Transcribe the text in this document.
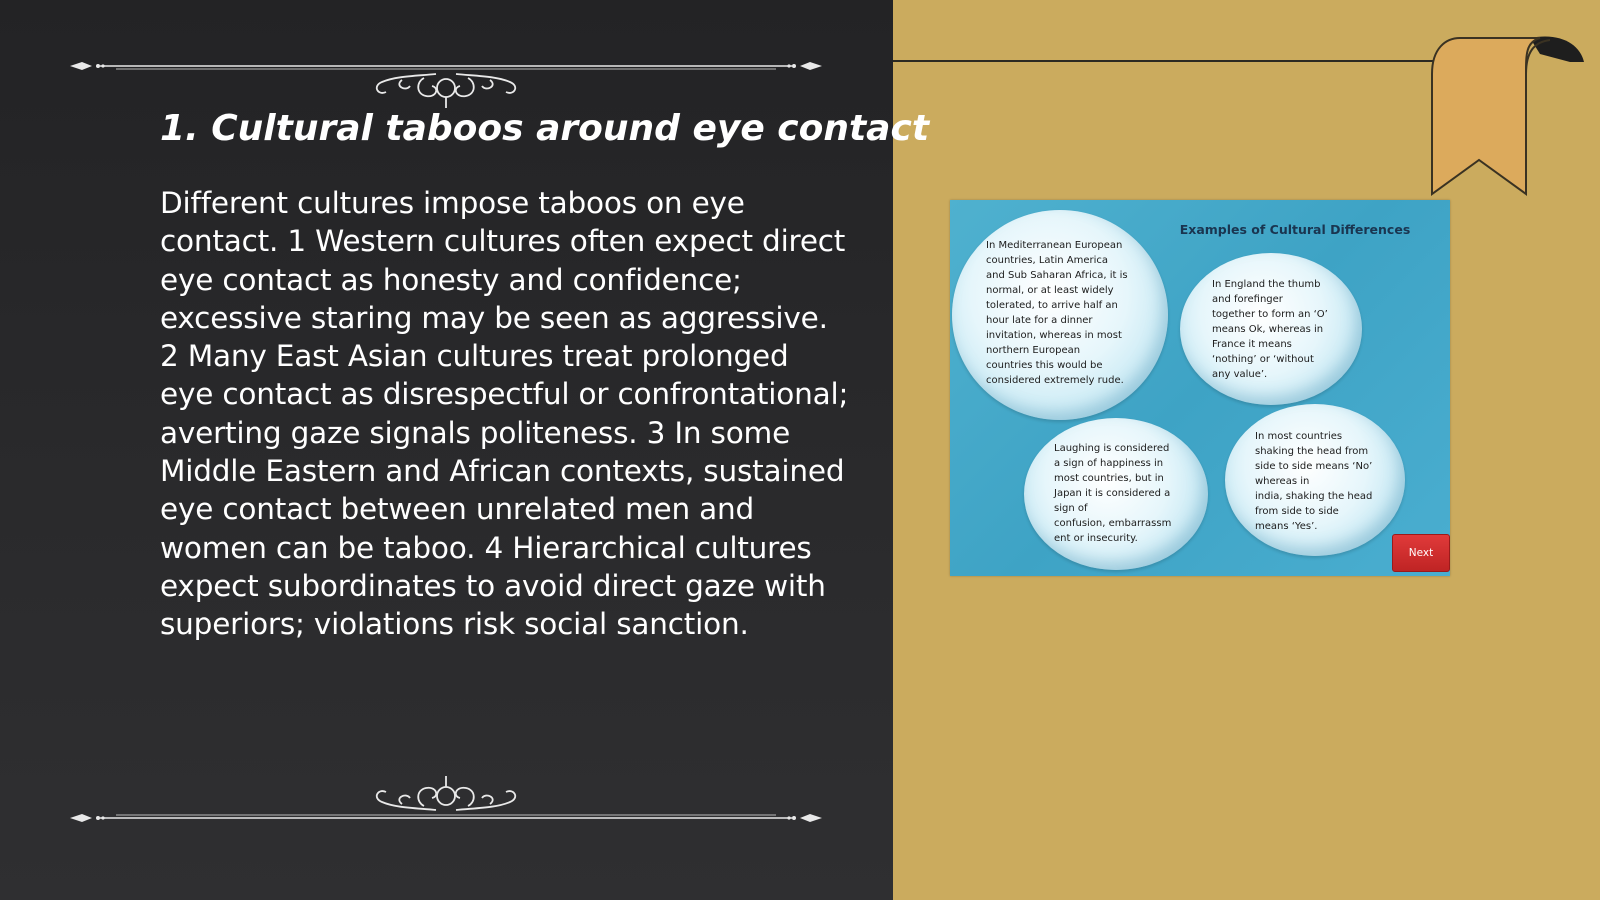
1. Cultural taboos around eye contact

Different cultures impose taboos on eye contact. 1 Western cultures often expect direct eye contact as honesty and confidence; excessive staring may be seen as aggressive. 2 Many East Asian cultures treat prolonged eye contact as disrespectful or confrontational; averting gaze signals politeness. 3 In some Middle Eastern and African contexts, sustained eye contact between unrelated men and women can be taboo. 4 Hierarchical cultures expect subordinates to avoid direct gaze with superiors; violations risk social sanction.

Examples of Cultural Differences

In Mediterranean European
countries, Latin America
and Sub Saharan Africa, it is
normal, or at least widely
tolerated, to arrive half an
hour late for a dinner
invitation, whereas in most
northern European
countries this would be
considered extremely rude.

In England the thumb
and forefinger
together to form an ‘O’
means Ok, whereas in
France it means
‘nothing’ or ‘without
any value’.

Laughing is considered
a sign of happiness in
most countries, but in
Japan it is considered a
sign of
confusion, embarrassm
ent or insecurity.

In most countries
shaking the head from
side to side means ‘No’
whereas in
india, shaking the head
from side to side
means ‘Yes’.

Next
